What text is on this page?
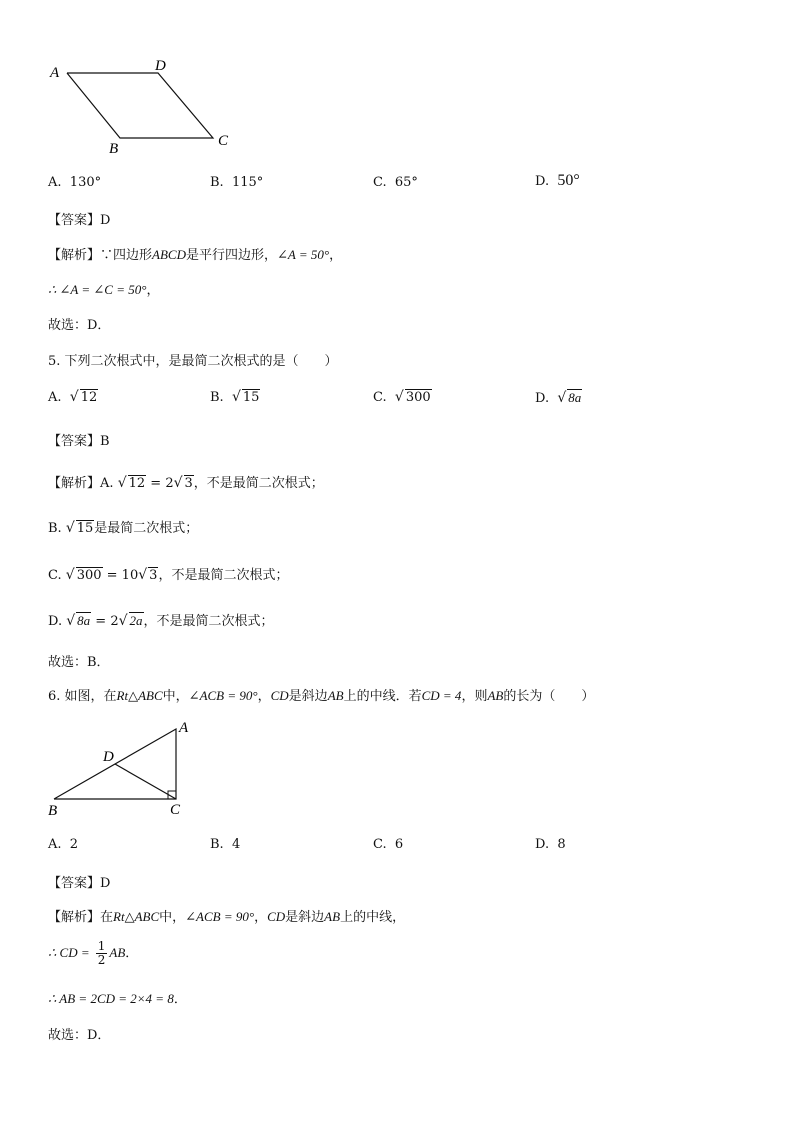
A	D
B	C
A. 130°	B. 115°	C. 65°	D. 50°
【答案】D
【解析】∵四边形ABCD是平行四边形，∠A = 50°，
∴ ∠A = ∠C = 50°，
故选：D．
5. 下列二次根式中，是最简二次根式的是（　　）
A. √ 12	B. √ 15	C. √ 300	D. √ 8a
【答案】B
【解析】A. √ 12 = 2√ 3，不是最简二次根式；
B. √ 15是最简二次根式；
C. √ 300 = 10√ 3，不是最简二次根式；
D. √ 8a = 2√ 2a，不是最简二次根式；
故选：B．
6. 如图，在Rt△ABC中，∠ACB = 90°，CD是斜边AB上的中线．若CD = 4，则AB的长为（　　）
A
D
B	C
A. 2	B. 4	C. 6	D. 8
【答案】D
【解析】在Rt△ABC中，∠ACB = 90°，CD是斜边AB上的中线，
∴ CD = $\frac{1}{2}$ AB．
∴ AB = 2CD = 2×4 = 8．
故选：D．
